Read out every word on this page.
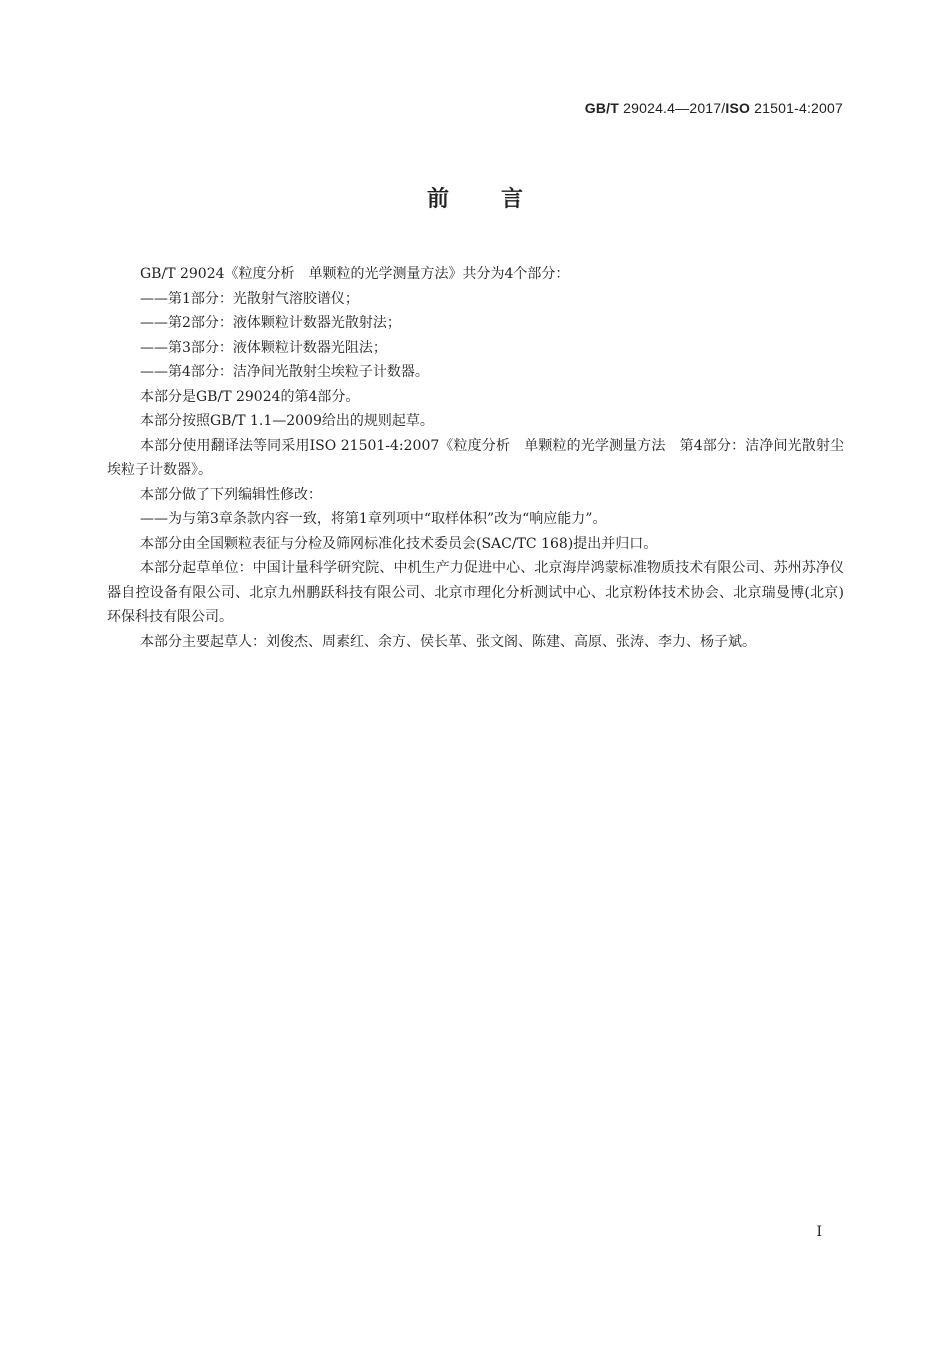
GB/T 29024.4—2017/ISO 21501-4:2007
前言

GB/T 29024《粒度分析　单颗粒的光学测量方法》共分为4个部分：

——第1部分：光散射气溶胶谱仪；

——第2部分：液体颗粒计数器光散射法；

——第3部分：液体颗粒计数器光阻法；

——第4部分：洁净间光散射尘埃粒子计数器。

本部分是GB/T 29024的第4部分。

本部分按照GB/T 1.1—2009给出的规则起草。

本部分使用翻译法等同采用ISO 21501-4:2007《粒度分析　单颗粒的光学测量方法　第4部分：洁净间光散射尘埃粒子计数器》。

本部分做了下列编辑性修改：

——为与第3章条款内容一致，将第1章列项中“取样体积”改为“响应能力”。

本部分由全国颗粒表征与分检及筛网标准化技术委员会(SAC/TC 168)提出并归口。

本部分起草单位：中国计量科学研究院、中机生产力促进中心、北京海岸鸿蒙标准物质技术有限公司、苏州苏净仪器自控设备有限公司、北京九州鹏跃科技有限公司、北京市理化分析测试中心、北京粉体技术协会、北京瑞曼博(北京)环保科技有限公司。

本部分主要起草人：刘俊杰、周素红、余方、侯长革、张文阁、陈建、高原、张涛、李力、杨子斌。

I
